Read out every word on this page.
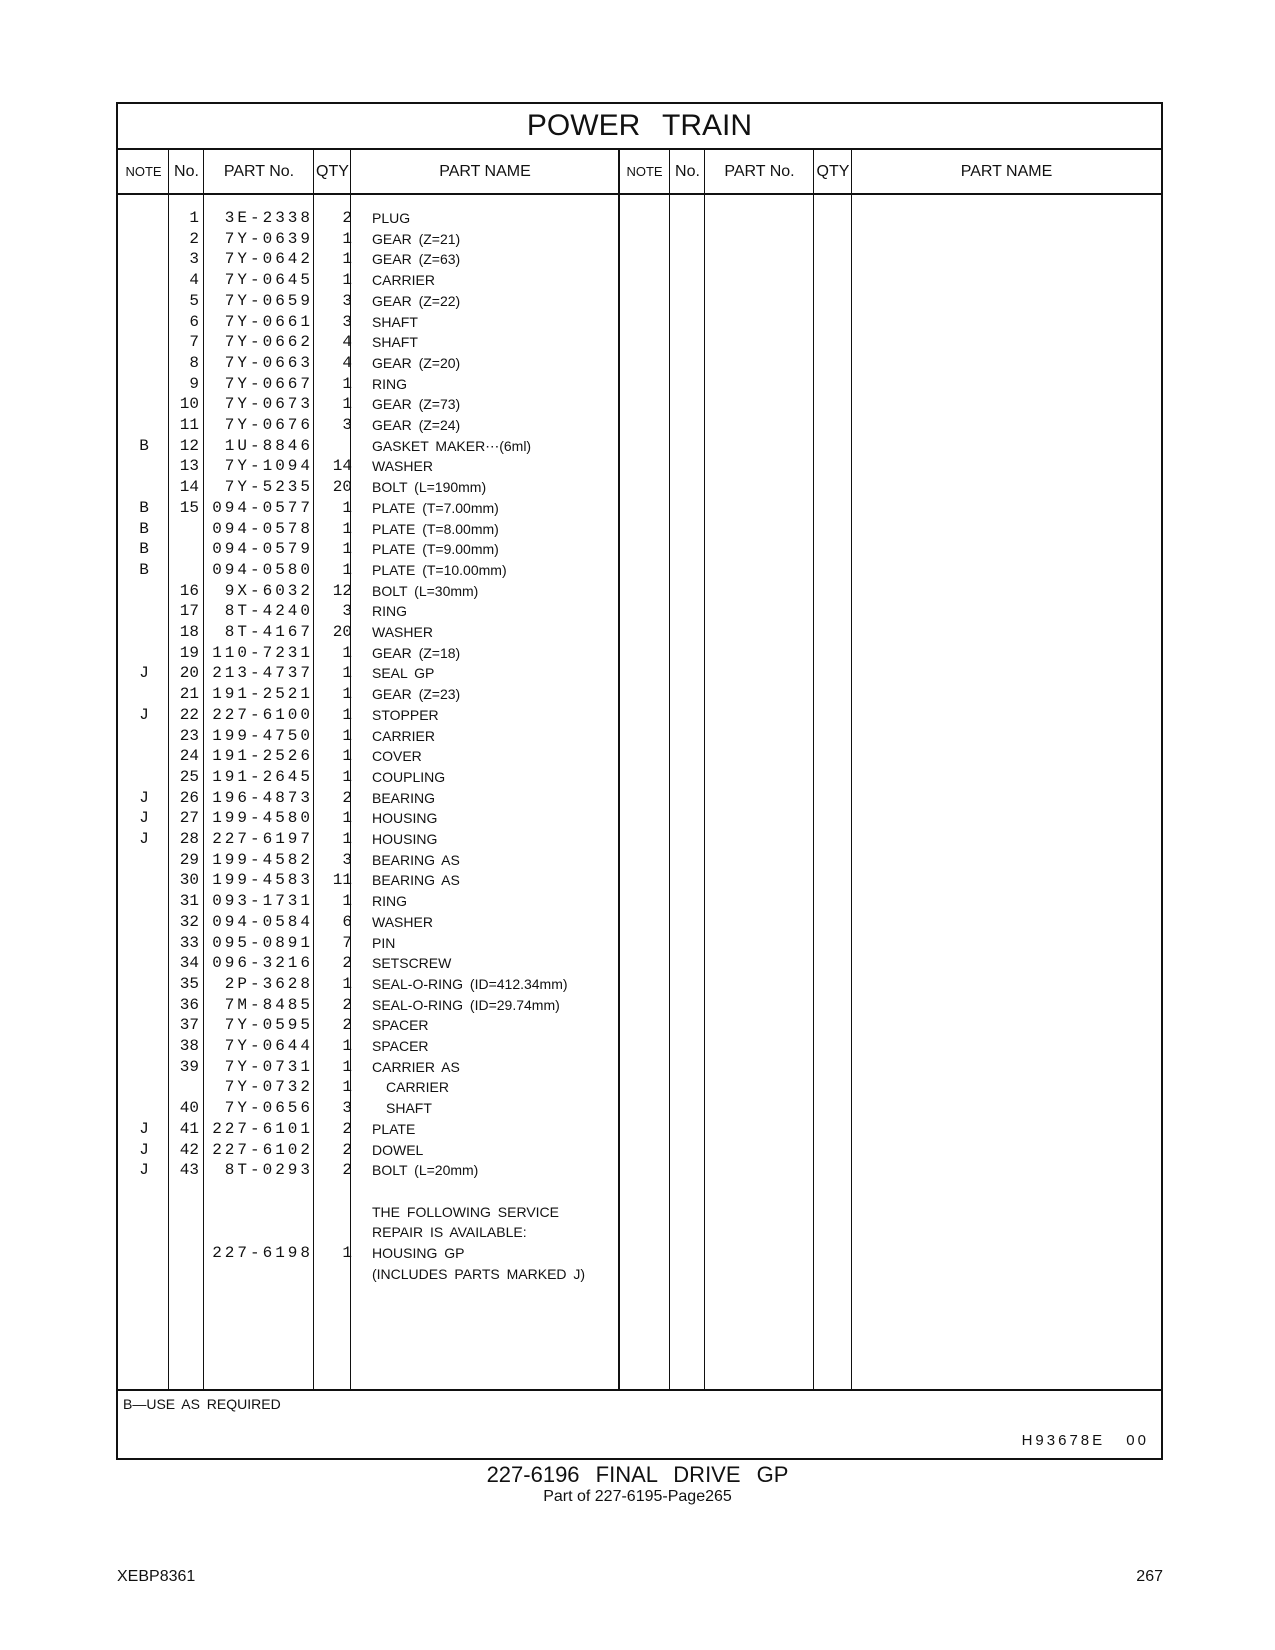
POWER TRAIN
NOTE No.	PART No.	QTY	PART NAME	NOTE No.	PART No.	QTY	PART NAME
1	3E-2338	2 PLUG
2	7Y-0639	1 GEAR (Z=21)
3	7Y-0642	1 GEAR (Z=63)
4	7Y-0645	1 CARRIER
5	7Y-0659	3 GEAR (Z=22)
6	7Y-0661	3 SHAFT
7	7Y-0662	4 SHAFT
8	7Y-0663	4 GEAR (Z=20)
9	7Y-0667	1 RING
10	7Y-0673	1 GEAR (Z=73)
11	7Y-0676	3 GEAR (Z=24)
B	12	1U-8846	GASKET MAKER⋯(6ml)
13	7Y-1094	14 WASHER
14	7Y-5235	20 BOLT (L=190mm)
B	15 094-0577	1 PLATE (T=7.00mm)
B	094-0578	1 PLATE (T=8.00mm)
B	094-0579	1 PLATE (T=9.00mm)
B	094-0580	1 PLATE (T=10.00mm)
16	9X-6032	12 BOLT (L=30mm)
17	8T-4240	3 RING
18	8T-4167	20 WASHER
19 110-7231	1 GEAR (Z=18)
J	20 213-4737	1 SEAL GP
21 191-2521	1 GEAR (Z=23)
J	22 227-6100	1 STOPPER
23 199-4750	1 CARRIER
24 191-2526	1 COVER
25 191-2645	1 COUPLING
J	26 196-4873	2 BEARING
J	27 199-4580	1 HOUSING
J	28 227-6197	1 HOUSING
29 199-4582	3 BEARING AS
30 199-4583	11 BEARING AS
31 093-1731	1 RING
32 094-0584	6 WASHER
33 095-0891	7 PIN
34 096-3216	2 SETSCREW
35	2P-3628	1 SEAL-O-RING (ID=412.34mm)
36	7M-8485	2 SEAL-O-RING (ID=29.74mm)
37	7Y-0595	2 SPACER
38	7Y-0644	1 SPACER
39	7Y-0731	1 CARRIER AS
7Y-0732	1 CARRIER
40	7Y-0656	3 SHAFT
J	41 227-6101	2 PLATE
J	42 227-6102	2 DOWEL
J	43	8T-0293	2 BOLT (L=20mm)
THE FOLLOWING SERVICE
REPAIR IS AVAILABLE:
227-6198	1 HOUSING GP
(INCLUDES PARTS MARKED J)
B—USE AS REQUIRED
H93678E 00
227-6196 FINAL DRIVE GP
Part of 227-6195-Page265
XEBP8361	267
